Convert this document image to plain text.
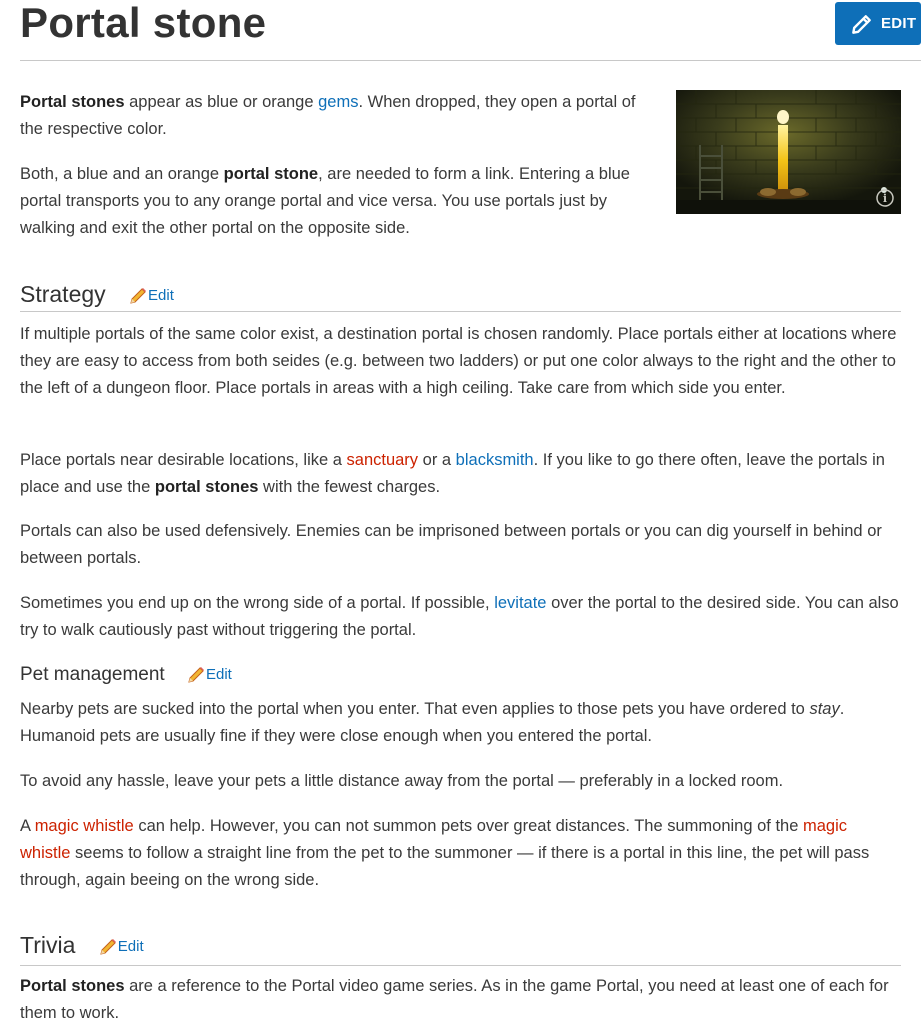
Portal stone	EDIT
i

Portal stones appear as blue or orange gems. When dropped, they open a portal of the respective color.

Both, a blue and an orange portal stone, are needed to form a link. Entering a blue portal transports you to any orange portal and vice versa. You use portals just by walking and exit the other portal on the opposite side.

Strategy	Edit

If multiple portals of the same color exist, a destination portal is chosen randomly. Place portals either at locations where they are easy to access from both seides (e.g. between two ladders) or put one color always to the right and the other to the left of a dungeon floor. Place portals in areas with a high ceiling. Take care from which side you enter.

Place portals near desirable locations, like a sanctuary or a blacksmith. If you like to go there often, leave the portals in place and use the portal stones with the fewest charges.

Portals can also be used defensively. Enemies can be imprisoned between portals or you can dig yourself in behind or between portals.

Sometimes you end up on the wrong side of a portal. If possible, levitate over the portal to the desired side. You can also try to walk cautiously past without triggering the portal.

Pet management	Edit

Nearby pets are sucked into the portal when you enter. That even applies to those pets you have ordered to stay. Humanoid pets are usually fine if they were close enough when you entered the portal.

To avoid any hassle, leave your pets a little distance away from the portal — preferably in a locked room.

A magic whistle can help. However, you can not summon pets over great distances. The summoning of the magic whistle seems to follow a straight line from the pet to the summoner — if there is a portal in this line, the pet will pass through, again beeing on the wrong side.

Trivia	Edit

Portal stones are a reference to the Portal video game series. As in the game Portal, you need at least one of each for them to work.
